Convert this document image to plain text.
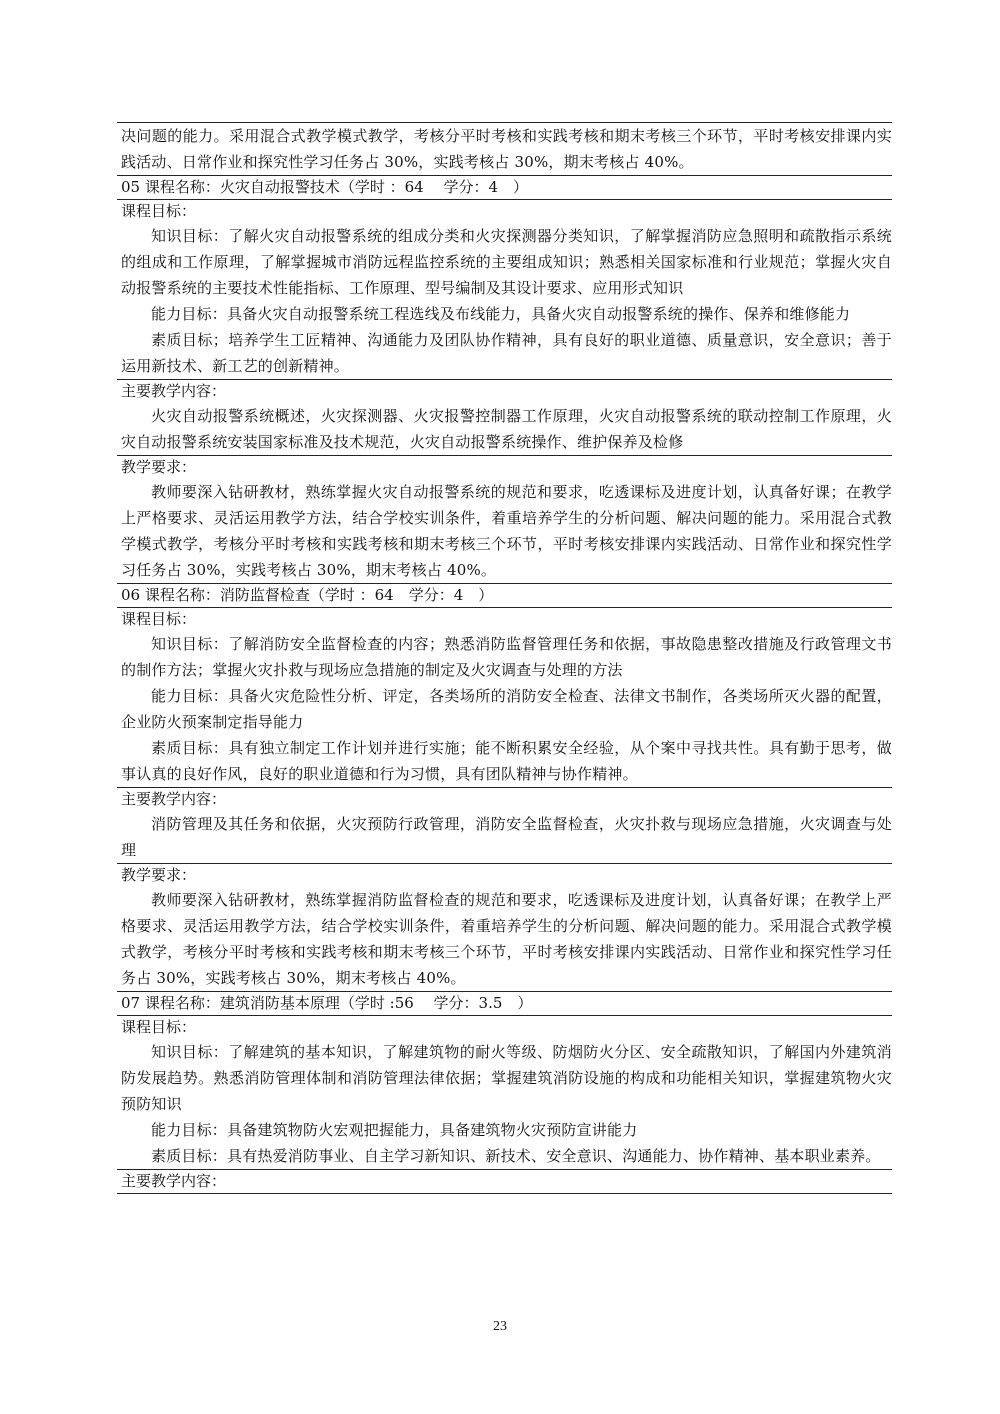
决问题的能力。采用混合式教学模式教学，考核分平时考核和实践考核和期末考核三个环节，平时考核安排课内实践活动、日常作业和探究性学习任务占 30%，实践考核占 30%，期末考核占 40%。

05 课程名称：火灾自动报警技术（学时 ：64　 学分：4　）
课程目标：

知识目标：了解火灾自动报警系统的组成分类和火灾探测器分类知识，了解掌握消防应急照明和疏散指示系统的组成和工作原理，了解掌握城市消防远程监控系统的主要组成知识；熟悉相关国家标准和行业规范；掌握火灾自动报警系统的主要技术性能指标、工作原理、型号编制及其设计要求、应用形式知识

能力目标：具备火灾自动报警系统工程选线及布线能力，具备火灾自动报警系统的操作、保养和维修能力

素质目标；培养学生工匠精神、沟通能力及团队协作精神，具有良好的职业道德、质量意识，安全意识；善于运用新技术、新工艺的创新精神。

主要教学内容：

火灾自动报警系统概述，火灾探测器、火灾报警控制器工作原理，火灾自动报警系统的联动控制工作原理，火灾自动报警系统安装国家标准及技术规范，火灾自动报警系统操作、维护保养及检修

教学要求：

教师要深入钻研教材，熟练掌握火灾自动报警系统的规范和要求，吃透课标及进度计划，认真备好课；在教学上严格要求、灵活运用教学方法，结合学校实训条件，着重培养学生的分析问题、解决问题的能力。采用混合式教学模式教学，考核分平时考核和实践考核和期末考核三个环节，平时考核安排课内实践活动、日常作业和探究性学习任务占 30%，实践考核占 30%，期末考核占 40%。

06 课程名称：消防监督检查（学时 ：64　学分：4　）
课程目标：

知识目标：了解消防安全监督检查的内容；熟悉消防监督管理任务和依据，事故隐患整改措施及行政管理文书的制作方法；掌握火灾扑救与现场应急措施的制定及火灾调查与处理的方法

能力目标：具备火灾危险性分析、评定，各类场所的消防安全检查、法律文书制作，各类场所灭火器的配置，企业防火预案制定指导能力

素质目标：具有独立制定工作计划并进行实施；能不断积累安全经验，从个案中寻找共性。具有勤于思考，做事认真的良好作风，良好的职业道德和行为习惯，具有团队精神与协作精神。

主要教学内容：

消防管理及其任务和依据，火灾预防行政管理，消防安全监督检查，火灾扑救与现场应急措施，火灾调查与处理

教学要求：

教师要深入钻研教材，熟练掌握消防监督检查的规范和要求，吃透课标及进度计划，认真备好课；在教学上严格要求、灵活运用教学方法，结合学校实训条件，着重培养学生的分析问题、解决问题的能力。采用混合式教学模式教学，考核分平时考核和实践考核和期末考核三个环节，平时考核安排课内实践活动、日常作业和探究性学习任务占 30%，实践考核占 30%，期末考核占 40%。

07 课程名称：建筑消防基本原理（学时 :56　 学分：3.5　）
课程目标：

知识目标：了解建筑的基本知识，了解建筑物的耐火等级、防烟防火分区、安全疏散知识，了解国内外建筑消防发展趋势。熟悉消防管理体制和消防管理法律依据；掌握建筑消防设施的构成和功能相关知识，掌握建筑物火灾预防知识

能力目标：具备建筑物防火宏观把握能力，具备建筑物火灾预防宣讲能力

素质目标：具有热爱消防事业、自主学习新知识、新技术、安全意识、沟通能力、协作精神、基本职业素养。

主要教学内容：
23
